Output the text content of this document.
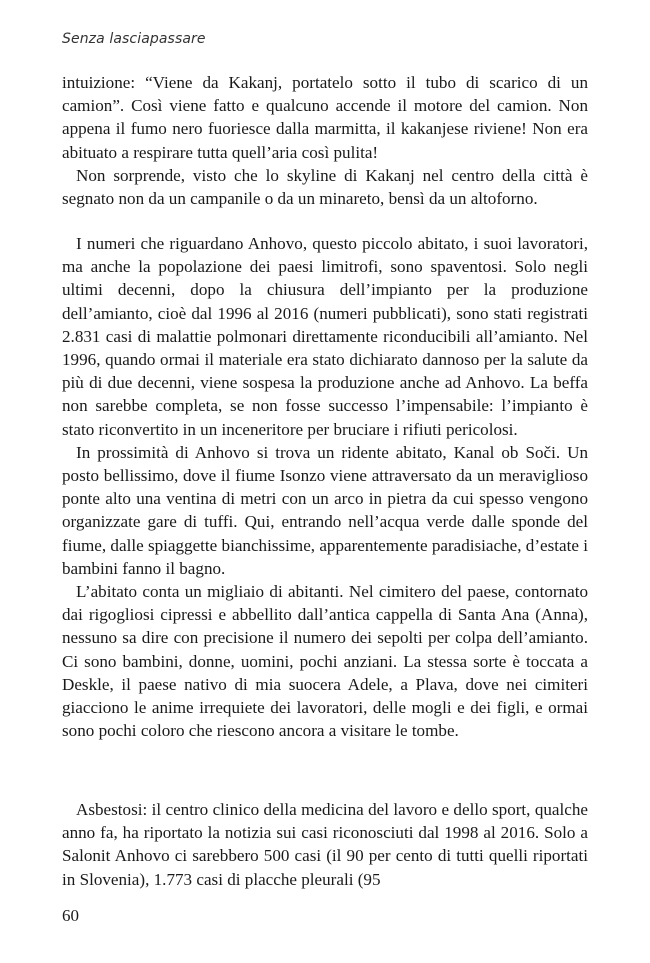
Senza lasciapassare

intuizione: “Viene da Kakanj, portatelo sotto il tubo di scarico di un camion”. Così viene fatto e qualcuno accende il motore del camion. Non appena il fumo nero fuoriesce dalla marmitta, il kakanjese riviene! Non era abituato a respirare tutta quell’aria così pulita!

Non sorprende, visto che lo skyline di Kakanj nel centro della città è segnato non da un campanile o da un minareto, bensì da un altoforno.

I numeri che riguardano Anhovo, questo piccolo abitato, i suoi lavoratori, ma anche la popolazione dei paesi limitrofi, sono spaventosi. Solo negli ultimi decenni, dopo la chiusura dell’impianto per la produzione dell’amianto, cioè dal 1996 al 2016 (numeri pubblicati), sono stati registrati 2.831 casi di malattie polmonari direttamente riconducibili all’amianto. Nel 1996, quando ormai il materiale era stato dichiarato dannoso per la salute da più di due decenni, viene sospesa la produzione anche ad Anhovo. La beffa non sarebbe completa, se non fosse successo l’impensabile: l’impianto è stato riconvertito in un inceneritore per bruciare i rifiuti pericolosi.

In prossimità di Anhovo si trova un ridente abitato, Kanal ob Soči. Un posto bellissimo, dove il fiume Isonzo viene attraversato da un meraviglioso ponte alto una ventina di metri con un arco in pietra da cui spesso vengono organizzate gare di tuffi. Qui, entrando nell’acqua verde dalle sponde del fiume, dalle spiaggette bianchissime, apparentemente paradisiache, d’estate i bambini fanno il bagno.

L’abitato conta un migliaio di abitanti. Nel cimitero del paese, contornato dai rigogliosi cipressi e abbellito dall’antica cappella di Santa Ana (Anna), nessuno sa dire con precisione il numero dei sepolti per colpa dell’amianto. Ci sono bambini, donne, uomini, pochi anziani. La stessa sorte è toccata a Deskle, il paese nativo di mia suocera Adele, a Plava, dove nei cimiteri giacciono le anime irrequiete dei lavoratori, delle mogli e dei figli, e ormai sono pochi coloro che riescono ancora a visitare le tombe.

Asbestosi: il centro clinico della medicina del lavoro e dello sport, qualche anno fa, ha riportato la notizia sui casi riconosciuti dal 1998 al 2016. Solo a Salonit Anhovo ci sarebbero 500 casi (il 90 per cento di tutti quelli riportati in Slovenia), 1.773 casi di placche pleurali (95

60
